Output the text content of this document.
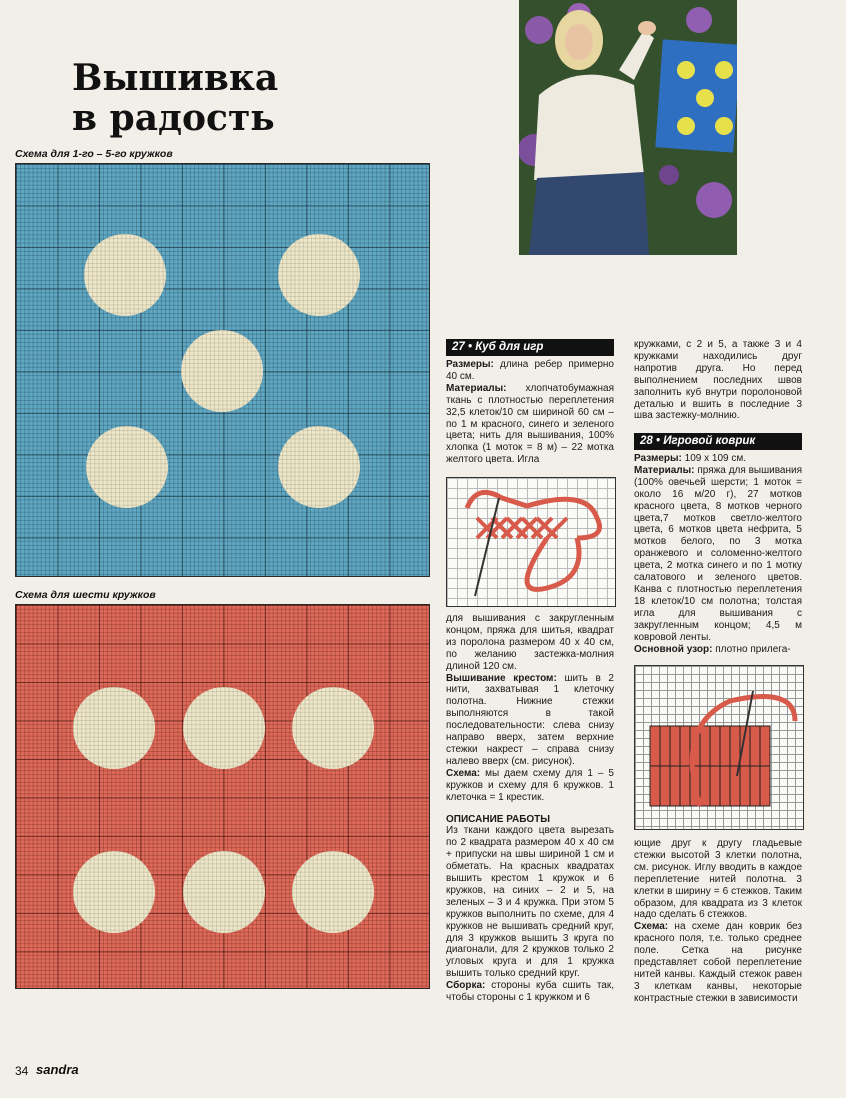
Вышивка
в радость
Схема для 1-го – 5-го кружков
Схема для шести кружков
27 • Куб для игр

Размеры: длина ребер примерно 40 см.

Материалы: хлопчатобумажная ткань с плотностью переплетения 32,5 клеток/10 см шириной 60 см – по 1 м красного, синего и зеленого цвета; нить для вышивания, 100% хлопка (1 моток = 8 м) – 22 мотка желтого цвета. Игла

для вышивания с закругленным концом, пряжа для шитья, квадрат из поролона размером 40 х 40 см, по желанию застежка-молния длиной 120 см.

Вышивание крестом: шить в 2 нити, захватывая 1 клеточку полотна. Нижние стежки выполняются в такой последовательности: слева снизу направо вверх, затем верхние стежки накрест – справа снизу налево вверх (см. рисунок).

Схема: мы даем схему для 1 – 5 кружков и схему для 6 кружков. 1 клеточка = 1 крестик.

ОПИСАНИЕ РАБОТЫ

Из ткани каждого цвета вырезать по 2 квадрата размером 40 х 40 см + припуски на швы шириной 1 см и обметать. На красных квадратах вышить крестом 1 кружок и 6 кружков, на синих – 2 и 5, на зеленых – 3 и 4 кружка. При этом 5 кружков выполнить по схеме, для 4 кружков не вышивать средний круг, для 3 кружков вышить 3 круга по диагонали, для 2 кружков только 2 угловых круга и для 1 кружка вышить только средний круг.

Сборка: стороны куба сшить так, чтобы стороны с 1 кружком и 6

кружками, с 2 и 5, а также 3 и 4 кружками находились друг напротив друга. Но перед выполнением последних швов заполнить куб внутри поролоновой деталью и вшить в последние 3 шва застежку-молнию.

28 • Игровой коврик

Размеры: 109 х 109 см.

Материалы: пряжа для вышивания (100% овечьей шерсти; 1 моток = около 16 м/20 г), 27 мотков красного цвета, 8 мотков черного цвета,7 мотков светло-желтого цвета, 6 мотков цвета нефрита, 5 мотков белого, по 3 мотка оранжевого и соломенно-желтого цвета, 2 мотка синего и по 1 мотку салатового и зеленого цветов. Канва с плотностью переплетения 18 клеток/10 см полотна; толстая игла для вышивания с закругленным концом; 4,5 м ковровой ленты.

Основной узор: плотно прилега-

ющие друг к другу гладьевые стежки высотой 3 клетки полотна, см. рисунок. Иглу вводить в каждое переплетение нитей полотна. 3 клетки в ширину = 6 стежков. Таким образом, для квадрата из 3 клеток надо сделать 6 стежков.

Схема: на схеме дан коврик без красного поля, т.е. только среднее поле. Сетка на рисунке представляет собой переплетение нитей канвы. Каждый стежок равен 3 клеткам канвы, некоторые контрастные стежки в зависимости

34 sandra
